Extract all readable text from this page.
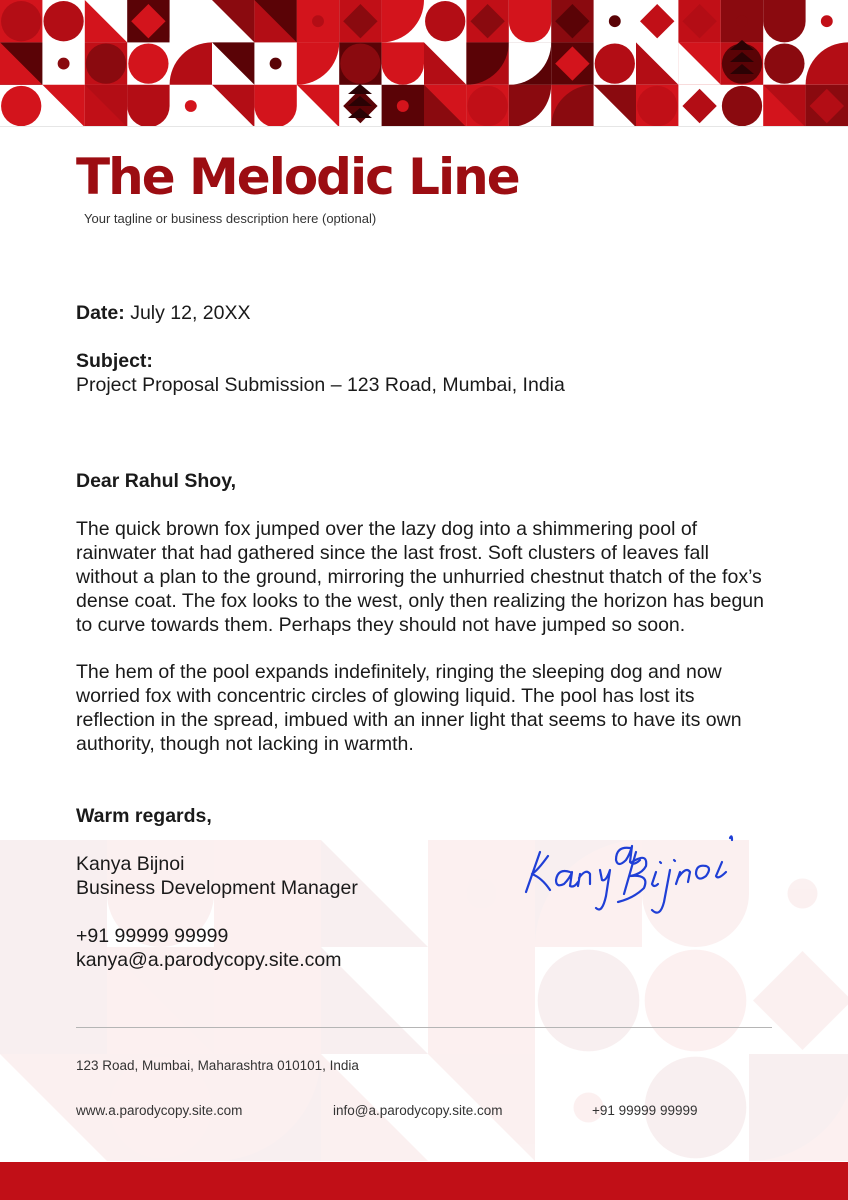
The Melodic Line
Your tagline or business description here (optional)
Date: July 12, 20XX
Subject:
Project Proposal Submission – 123 Road, Mumbai, India
Dear Rahul Shoy,

The quick brown fox jumped over the lazy dog into a shimmering pool of rainwater that had gathered since the last frost. Soft clusters of leaves fall without a plan to the ground, mirroring the unhurried chestnut thatch of the fox’s dense coat. The fox looks to the west, only then realizing the horizon has begun to curve towards them. Perhaps they should not have jumped so soon.

The hem of the pool expands indefinitely, ringing the sleeping dog and now worried fox with concentric circles of glowing liquid. The pool has lost its reflection in the spread, imbued with an inner light that seems to have its own authority, though not lacking in warmth.

Warm regards,
Kanya Bijnoi
Business Development Manager
+91 99999 99999
kanya@a.parodycopy.site.com
123 Road, Mumbai, Maharashtra 010101, India
www.a.parodycopy.site.com	info@a.parodycopy.site.com	+91 99999 99999
